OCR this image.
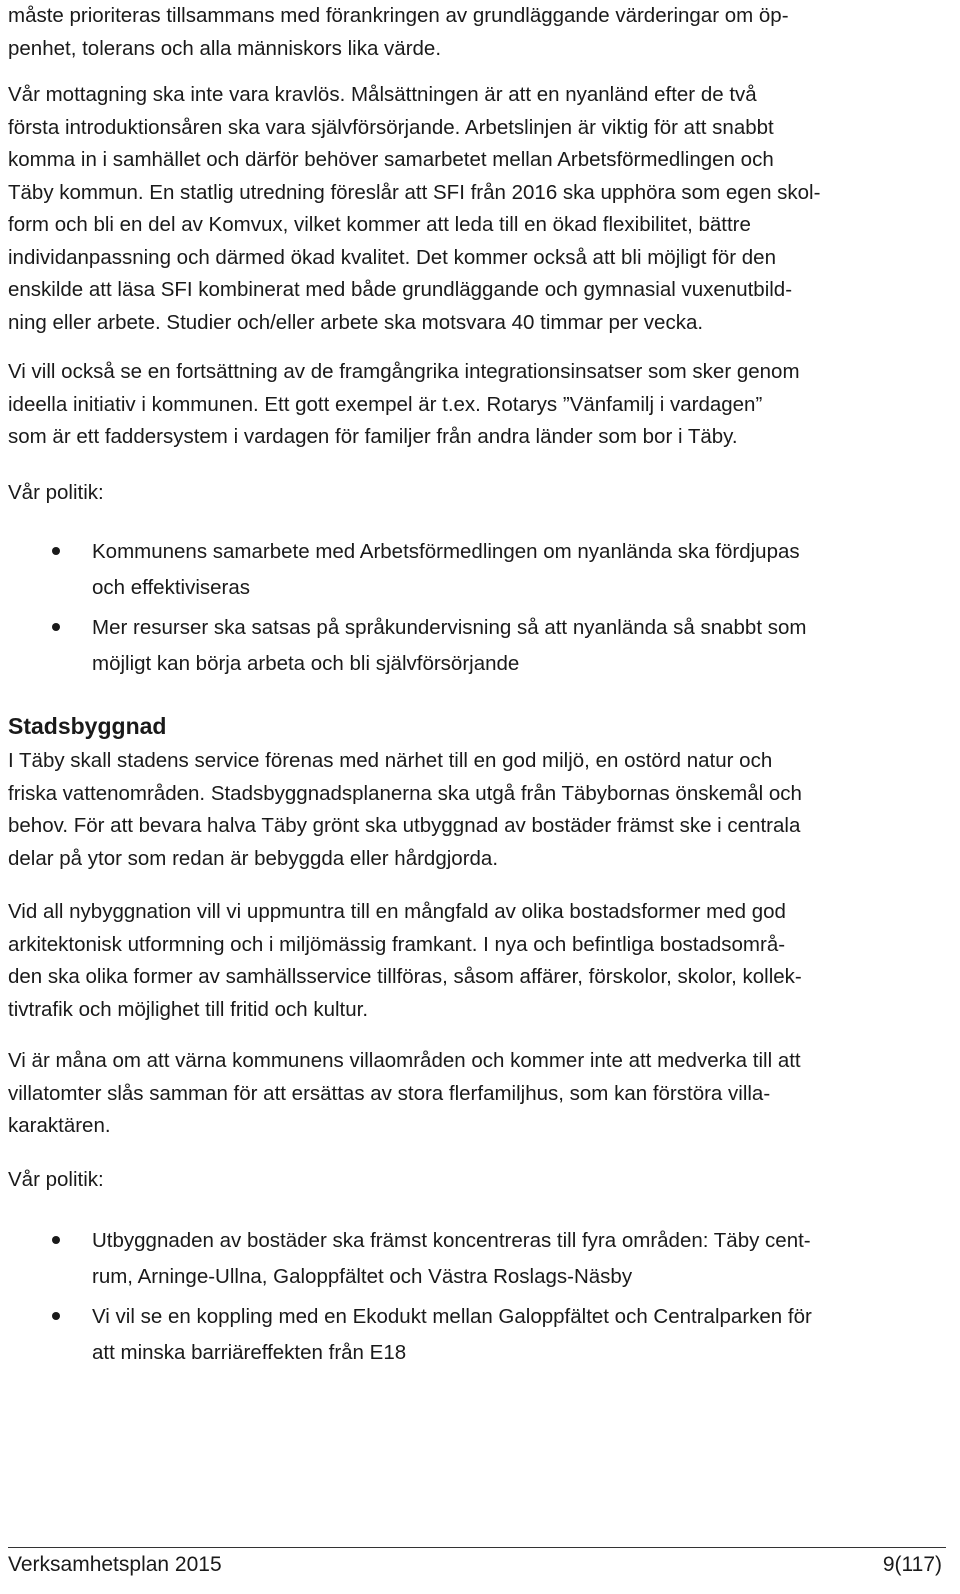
måste prioriteras tillsammans med förankringen av grundläggande värderingar om öp-
penhet, tolerans och alla människors lika värde.

Vår mottagning ska inte vara kravlös. Målsättningen är att en nyanländ efter de två
första introduktionsåren ska vara självförsörjande. Arbetslinjen är viktig för att snabbt
komma in i samhället och därför behöver samarbetet mellan Arbetsförmedlingen och
Täby kommun. En statlig utredning föreslår att SFI från 2016 ska upphöra som egen skol-
form och bli en del av Komvux, vilket kommer att leda till en ökad flexibilitet, bättre
individanpassning och därmed ökad kvalitet. Det kommer också att bli möjligt för den
enskilde att läsa SFI kombinerat med både grundläggande och gymnasial vuxenutbild-
ning eller arbete. Studier och/eller arbete ska motsvara 40 timmar per vecka.

Vi vill också se en fortsättning av de framgångrika integrationsinsatser som sker genom
ideella initiativ i kommunen. Ett gott exempel är t.ex. Rotarys ”Vänfamilj i vardagen”
som är ett faddersystem i vardagen för familjer från andra länder som bor i Täby.

Vår politik:

Kommunens samarbete med Arbetsförmedlingen om nyanlända ska fördjupas
och effektiviseras
Mer resurser ska satsas på språkundervisning så att nyanlända så snabbt som
möjligt kan börja arbeta och bli självförsörjande
Stadsbyggnad

I Täby skall stadens service förenas med närhet till en god miljö, en ostörd natur och
friska vattenområden. Stadsbyggnadsplanerna ska utgå från Täbybornas önskemål och
behov. För att bevara halva Täby grönt ska utbyggnad av bostäder främst ske i centrala
delar på ytor som redan är bebyggda eller hårdgjorda.

Vid all nybyggnation vill vi uppmuntra till en mångfald av olika bostadsformer med god
arkitektonisk utformning och i miljömässig framkant. I nya och befintliga bostadsområ-
den ska olika former av samhällsservice tillföras, såsom affärer, förskolor, skolor, kollek-
tivtrafik och möjlighet till fritid och kultur.

Vi är måna om att värna kommunens villaområden och kommer inte att medverka till att
villatomter slås samman för att ersättas av stora flerfamiljhus, som kan förstöra villa-
karaktären.

Vår politik:

Utbyggnaden av bostäder ska främst koncentreras till fyra områden: Täby cent-
rum, Arninge-Ullna, Galoppfältet och Västra Roslags-Näsby
Vi vil se en koppling med en Ekodukt mellan Galoppfältet och Centralparken för
att minska barriäreffekten från E18
Verksamhetsplan 2015	9(117)
